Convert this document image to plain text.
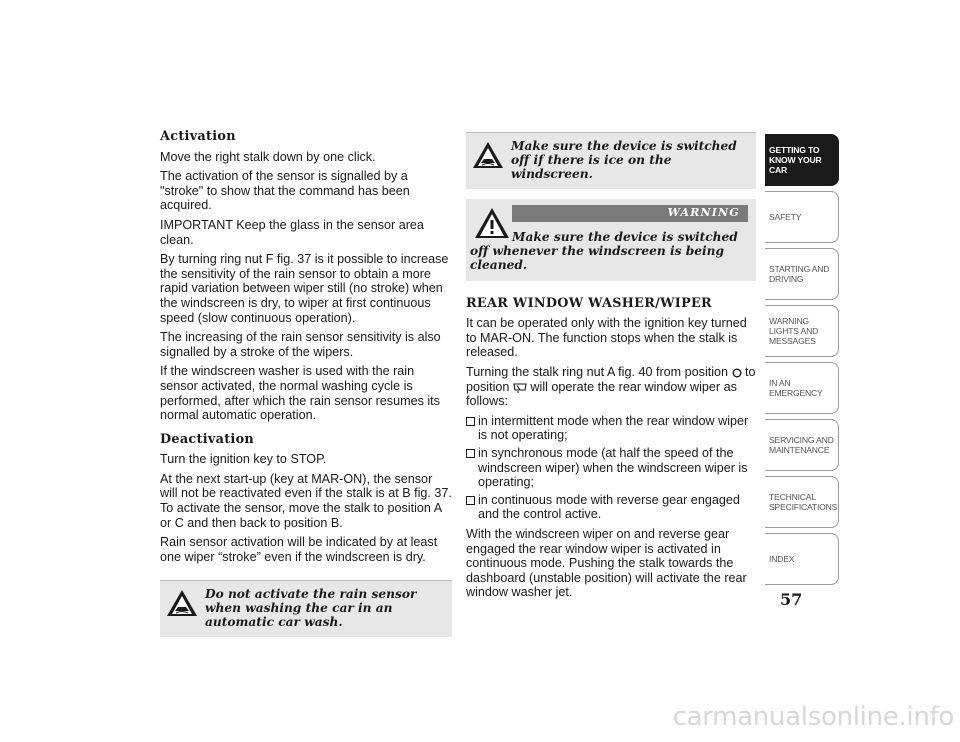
Activation

Move the right stalk down by one click.

The activation of the sensor is signalled by a "stroke" to show that the command has been acquired.

IMPORTANT Keep the glass in the sensor area clean.

By turning ring nut F fig. 37 is it possible to increase the sensitivity of the rain sensor to obtain a more rapid variation between wiper still (no stroke) when the windscreen is dry, to wiper at first continuous speed (slow continuous operation).

The increasing of the rain sensor sensitivity is also signalled by a stroke of the wipers.

If the windscreen washer is used with the rain sensor activated, the normal washing cycle is performed, after which the rain sensor resumes its normal automatic operation.

Deactivation

Turn the ignition key to STOP.

At the next start-up (key at MAR-ON), the sensor will not be reactivated even if the stalk is at B fig. 37. To activate the sensor, move the stalk to position A or C and then back to position B.

Rain sensor activation will be indicated by at least one wiper “stroke” even if the windscreen is dry.

Do not activate the rain sensor when washing the car in an automatic car wash.
Make sure the device is switched off if there is ice on the windscreen.
WARNING
Make sure the device is switched off whenever the windscreen is being cleaned.
REAR WINDOW WASHER/WIPER

It can be operated only with the ignition key turned to MAR-ON. The function stops when the stalk is released.

Turning the stalk ring nut A fig. 40 from position to position will operate the rear window wiper as follows:

in intermittent mode when the rear window wiper is not operating;
in synchronous mode (at half the speed of the windscreen wiper) when the windscreen wiper is operating;
in continuous mode with reverse gear engaged and the control active.

With the windscreen wiper on and reverse gear engaged the rear window wiper is activated in continuous mode. Pushing the stalk towards the dashboard (unstable position) will activate the rear window washer jet.

GETTING TO KNOW YOUR CAR
SAFETY
STARTING AND DRIVING
WARNING LIGHTS AND MESSAGES
IN AN EMERGENCY
SERVICING AND MAINTENANCE
TECHNICAL SPECIFICATIONS
INDEX
57
carmanualsonline.info
